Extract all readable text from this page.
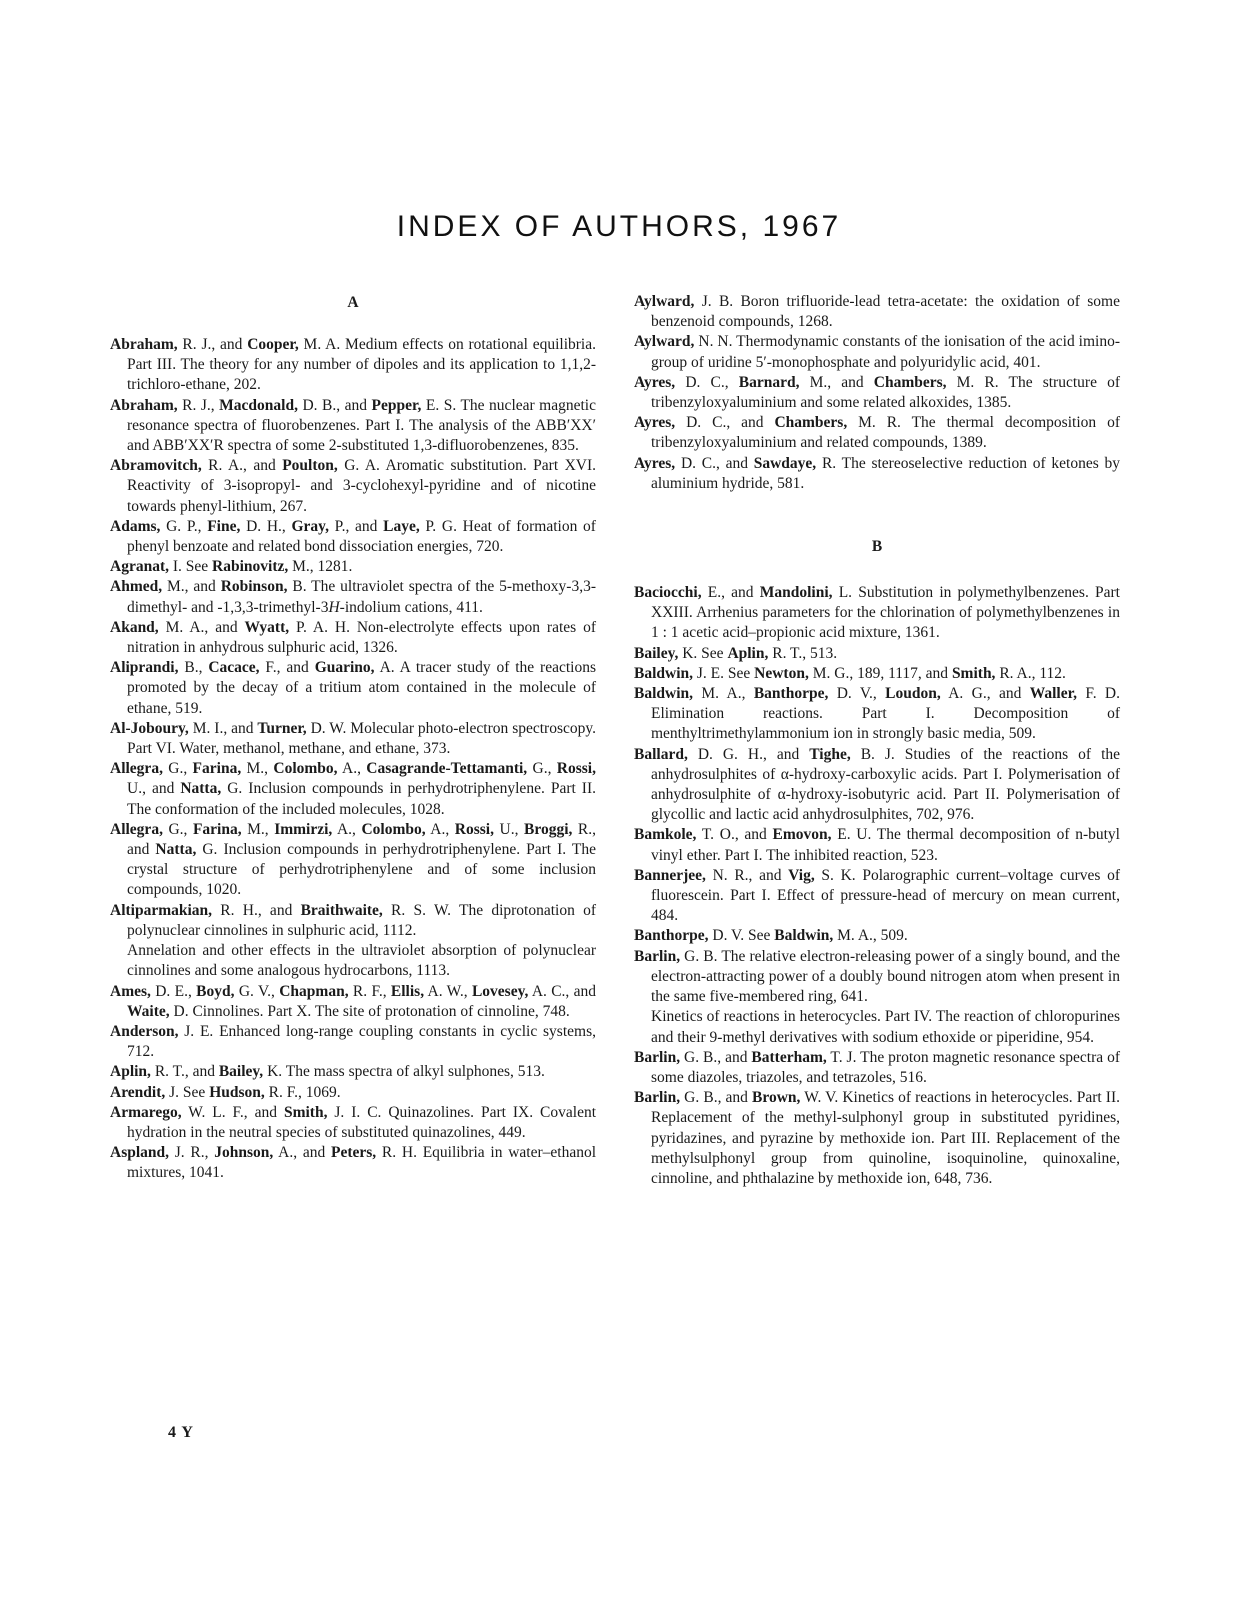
INDEX OF AUTHORS, 1967

A

Abraham, R. J., and Cooper, M. A. Medium effects on rotational equilibria. Part III. The theory for any number of dipoles and its application to 1,1,2-trichloro-ethane, 202.

Abraham, R. J., Macdonald, D. B., and Pepper, E. S. The nuclear magnetic resonance spectra of fluorobenzenes. Part I. The analysis of the ABB′XX′ and ABB′XX′R spectra of some 2-substituted 1,3-difluorobenzenes, 835.

Abramovitch, R. A., and Poulton, G. A. Aromatic substitution. Part XVI. Reactivity of 3-isopropyl- and 3-cyclohexyl-pyridine and of nicotine towards phenyl-lithium, 267.

Adams, G. P., Fine, D. H., Gray, P., and Laye, P. G. Heat of formation of phenyl benzoate and related bond dissociation energies, 720.

Agranat, I. See Rabinovitz, M., 1281.

Ahmed, M., and Robinson, B. The ultraviolet spectra of the 5-methoxy-3,3-dimethyl- and -1,3,3-trimethyl-3H-indolium cations, 411.

Akand, M. A., and Wyatt, P. A. H. Non-electrolyte effects upon rates of nitration in anhydrous sulphuric acid, 1326.

Aliprandi, B., Cacace, F., and Guarino, A. A tracer study of the reactions promoted by the decay of a tritium atom contained in the molecule of ethane, 519.

Al-Joboury, M. I., and Turner, D. W. Molecular photo-electron spectroscopy. Part VI. Water, methanol, methane, and ethane, 373.

Allegra, G., Farina, M., Colombo, A., Casagrande-Tettamanti, G., Rossi, U., and Natta, G. Inclusion compounds in perhydrotriphenylene. Part II. The conformation of the included molecules, 1028.

Allegra, G., Farina, M., Immirzi, A., Colombo, A., Rossi, U., Broggi, R., and Natta, G. Inclusion compounds in perhydrotriphenylene. Part I. The crystal structure of perhydrotriphenylene and of some inclusion compounds, 1020.

Altiparmakian, R. H., and Braithwaite, R. S. W. The diprotonation of polynuclear cinnolines in sulphuric acid, 1112.

Annelation and other effects in the ultraviolet absorption of polynuclear cinnolines and some analogous hydrocarbons, 1113.

Ames, D. E., Boyd, G. V., Chapman, R. F., Ellis, A. W., Lovesey, A. C., and Waite, D. Cinnolines. Part X. The site of protonation of cinnoline, 748.

Anderson, J. E. Enhanced long-range coupling constants in cyclic systems, 712.

Aplin, R. T., and Bailey, K. The mass spectra of alkyl sulphones, 513.

Arendit, J. See Hudson, R. F., 1069.

Armarego, W. L. F., and Smith, J. I. C. Quinazolines. Part IX. Covalent hydration in the neutral species of substituted quinazolines, 449.

Aspland, J. R., Johnson, A., and Peters, R. H. Equilibria in water–ethanol mixtures, 1041.

Aylward, J. B. Boron trifluoride-lead tetra-acetate: the oxidation of some benzenoid compounds, 1268.

Aylward, N. N. Thermodynamic constants of the ionisation of the acid imino-group of uridine 5′-monophosphate and polyuridylic acid, 401.

Ayres, D. C., Barnard, M., and Chambers, M. R. The structure of tribenzyloxyaluminium and some related alkoxides, 1385.

Ayres, D. C., and Chambers, M. R. The thermal decomposition of tribenzyloxyaluminium and related compounds, 1389.

Ayres, D. C., and Sawdaye, R. The stereoselective reduction of ketones by aluminium hydride, 581.

B

Baciocchi, E., and Mandolini, L. Substitution in polymethylbenzenes. Part XXIII. Arrhenius parameters for the chlorination of polymethylbenzenes in 1 : 1 acetic acid–propionic acid mixture, 1361.

Bailey, K. See Aplin, R. T., 513.

Baldwin, J. E. See Newton, M. G., 189, 1117, and Smith, R. A., 112.

Baldwin, M. A., Banthorpe, D. V., Loudon, A. G., and Waller, F. D. Elimination reactions. Part I. Decomposition of menthyltrimethylammonium ion in strongly basic media, 509.

Ballard, D. G. H., and Tighe, B. J. Studies of the reactions of the anhydrosulphites of α-hydroxy-carboxylic acids. Part I. Polymerisation of anhydrosulphite of α-hydroxy-isobutyric acid. Part II. Polymerisation of glycollic and lactic acid anhydrosulphites, 702, 976.

Bamkole, T. O., and Emovon, E. U. The thermal decomposition of n-butyl vinyl ether. Part I. The inhibited reaction, 523.

Bannerjee, N. R., and Vig, S. K. Polarographic current–voltage curves of fluorescein. Part I. Effect of pressure-head of mercury on mean current, 484.

Banthorpe, D. V. See Baldwin, M. A., 509.

Barlin, G. B. The relative electron-releasing power of a singly bound, and the electron-attracting power of a doubly bound nitrogen atom when present in the same five-membered ring, 641.

Kinetics of reactions in heterocycles. Part IV. The reaction of chloropurines and their 9-methyl derivatives with sodium ethoxide or piperidine, 954.

Barlin, G. B., and Batterham, T. J. The proton magnetic resonance spectra of some diazoles, triazoles, and tetrazoles, 516.

Barlin, G. B., and Brown, W. V. Kinetics of reactions in heterocycles. Part II. Replacement of the methyl-sulphonyl group in substituted pyridines, pyridazines, and pyrazine by methoxide ion. Part III. Replacement of the methylsulphonyl group from quinoline, isoquinoline, quinoxaline, cinnoline, and phthalazine by methoxide ion, 648, 736.

4 Y
